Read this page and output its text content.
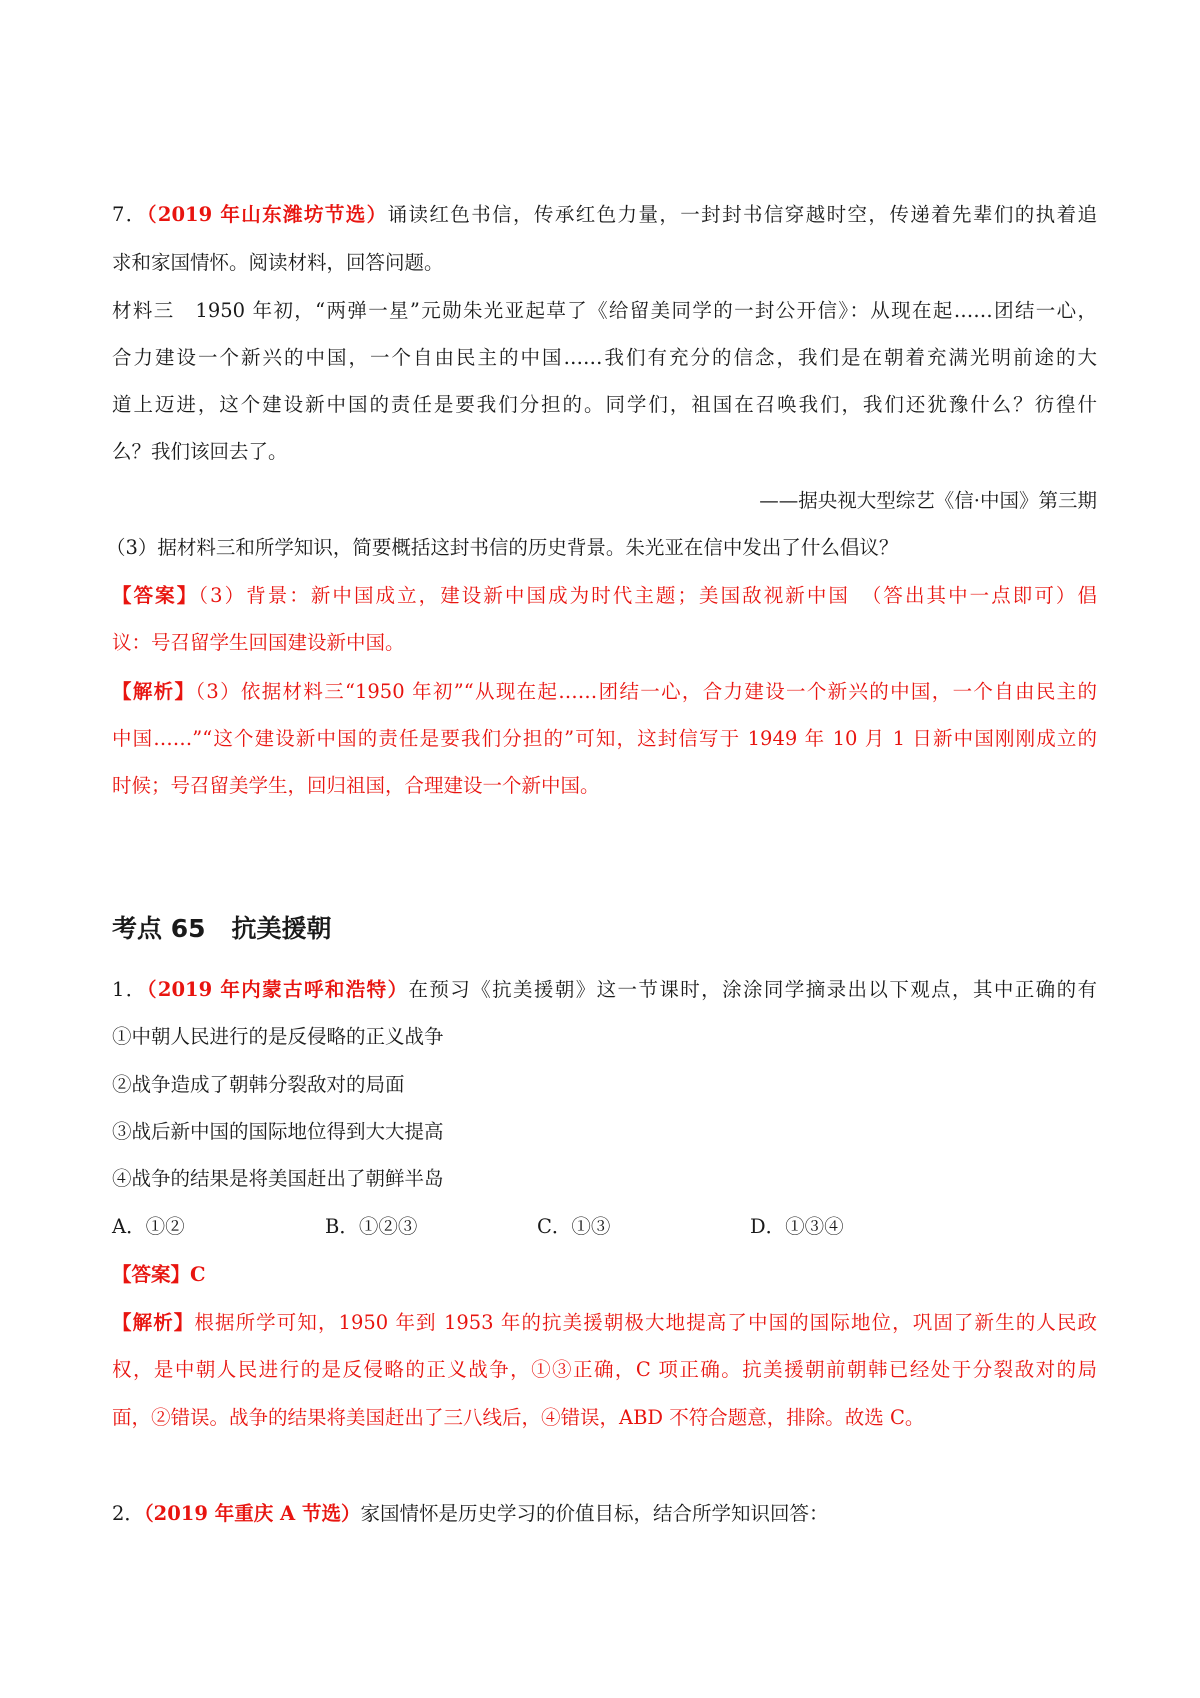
7．（2019 年山东潍坊节选）诵读红色书信，传承红色力量，一封封书信穿越时空，传递着先辈们的执着追
求和家国情怀。阅读材料，回答问题。
材料三　1950 年初，“两弹一星”元勋朱光亚起草了《给留美同学的一封公开信》：从现在起……团结一心，
合力建设一个新兴的中国，一个自由民主的中国……我们有充分的信念，我们是在朝着充满光明前途的大
道上迈进，这个建设新中国的责任是要我们分担的。同学们，祖国在召唤我们，我们还犹豫什么？彷徨什
么？我们该回去了。
——据央视大型综艺《信·中国》第三期
（3）据材料三和所学知识，简要概括这封书信的历史背景。朱光亚在信中发出了什么倡议？
【答案】（3）背景：新中国成立，建设新中国成为时代主题；美国敌视新中国　（答出其中一点即可）倡
议：号召留学生回国建设新中国。
【解析】（3）依据材料三“1950 年初”“从现在起……团结一心，合力建设一个新兴的中国，一个自由民主的
中国……”“这个建设新中国的责任是要我们分担的”可知，这封信写于 1949 年 10 月 1 日新中国刚刚成立的
时候；号召留美学生，回归祖国，合理建设一个新中国。
考点 65 抗美援朝
1．（2019 年内蒙古呼和浩特）在预习《抗美援朝》这一节课时，涂涂同学摘录出以下观点，其中正确的有
①中朝人民进行的是反侵略的正义战争
②战争造成了朝韩分裂敌对的局面
③战后新中国的国际地位得到大大提高
④战争的结果是将美国赶出了朝鲜半岛
A．①②	B．①②③	C．①③	D．①③④
【答案】C
【解析】根据所学可知，1950 年到 1953 年的抗美援朝极大地提高了中国的国际地位，巩固了新生的人民政
权，是中朝人民进行的是反侵略的正义战争，①③正确，C 项正确。抗美援朝前朝韩已经处于分裂敌对的局
面，②错误。战争的结果将美国赶出了三八线后，④错误，ABD 不符合题意，排除。故选 C。
2．（2019 年重庆 A 节选）家国情怀是历史学习的价值目标，结合所学知识回答：
